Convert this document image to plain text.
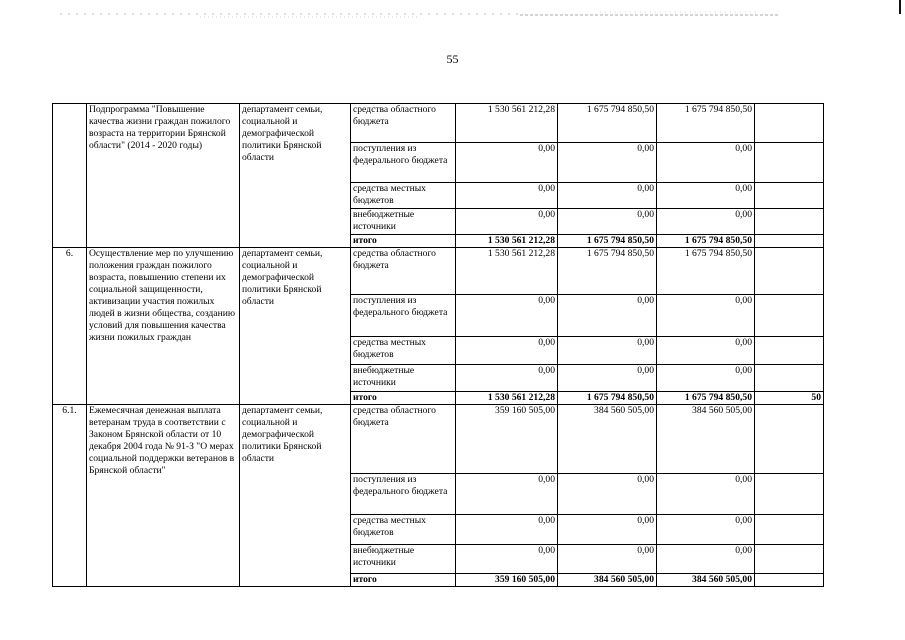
55
	Подпрограмма "Повышение качества жизни граждан пожилого возраста на территории Брянской области" (2014 - 2020 годы)	департамент семьи, социальной и демографической политики Брянской области	средства областного бюджета	1 530 561 212,28	1 675 794 850,50	1 675 794 850,50	
			поступления из федерального бюджета	0,00	0,00	0,00	
			средства местных бюджетов	0,00	0,00	0,00	
			внебюджетные источники	0,00	0,00	0,00	
			итого	1 530 561 212,28	1 675 794 850,50	1 675 794 850,50	
6.	Осуществление мер по улучшению положения граждан пожилого возраста, повышению степени их социальной защищенности, активизации участия пожилых людей в жизни общества, созданию условий для повышения качества жизни пожилых граждан	департамент семьи, социальной и демографической политики Брянской области	средства областного бюджета	1 530 561 212,28	1 675 794 850,50	1 675 794 850,50	
			поступления из федерального бюджета	0,00	0,00	0,00	
			средства местных бюджетов	0,00	0,00	0,00	
			внебюджетные источники	0,00	0,00	0,00	
			итого	1 530 561 212,28	1 675 794 850,50	1 675 794 850,50	50
6.1.	Ежемесячная денежная выплата ветеранам труда в соответствии с Законом Брянской области от 10 декабря 2004 года № 91-З "О мерах социальной поддержки ветеранов в Брянской области"	департамент семьи, социальной и демографической политики Брянской области	средства областного бюджета	359 160 505,00	384 560 505,00	384 560 505,00	
			поступления из федерального бюджета	0,00	0,00	0,00	
			средства местных бюджетов	0,00	0,00	0,00	
			внебюджетные источники	0,00	0,00	0,00	
			итого	359 160 505,00	384 560 505,00	384 560 505,00	
